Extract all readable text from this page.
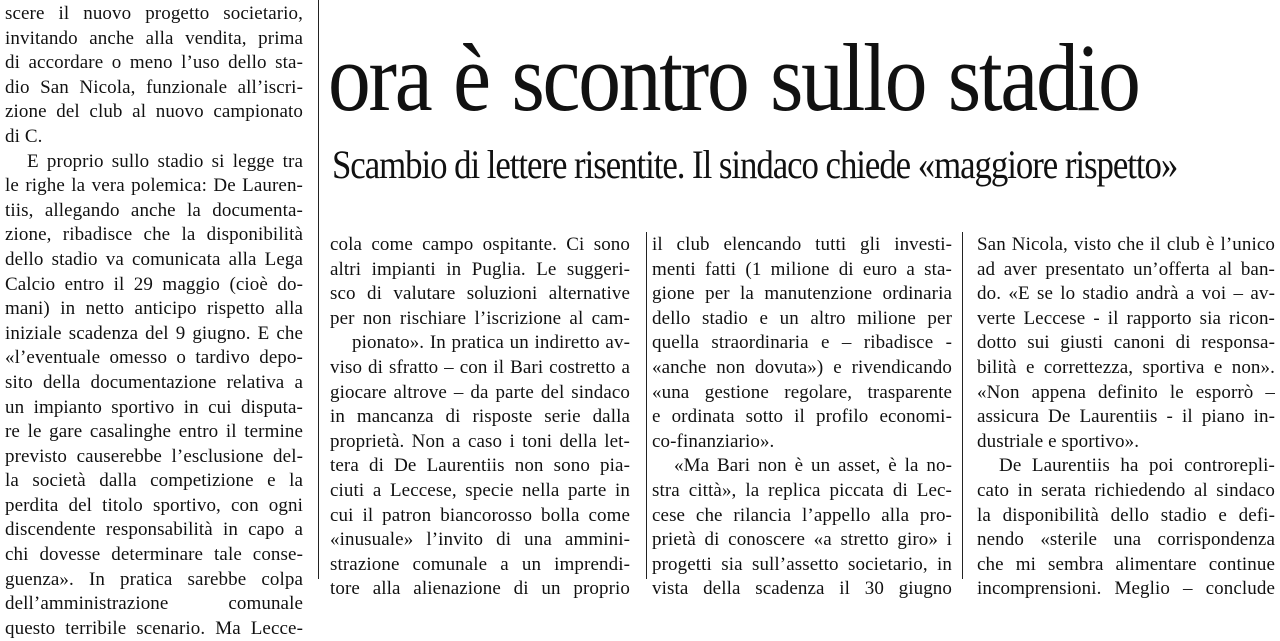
ora è scontro sullo stadio
Scambio di lettere risentite. Il sindaco chiede «maggiore rispetto»
scere il nuovo progetto societario,
invitando anche alla vendita, prima
di accordare o meno l’uso dello sta-
dio San Nicola, funzionale all’iscri-
zione del club al nuovo campionato
di C.
E proprio sullo stadio si legge tra
le righe la vera polemica: De Lauren-
tiis, allegando anche la documenta-
zione, ribadisce che la disponibilità
dello stadio va comunicata alla Lega
Calcio entro il 29 maggio (cioè do-
mani) in netto anticipo rispetto alla
iniziale scadenza del 9 giugno. E che
«l’eventuale omesso o tardivo depo-
sito della documentazione relativa a
un impianto sportivo in cui disputa-
re le gare casalinghe entro il termine
previsto causerebbe l’esclusione del-
la società dalla competizione e la
perdita del titolo sportivo, con ogni
discendente responsabilità in capo a
chi dovesse determinare tale conse-
guenza». In pratica sarebbe colpa
dell’amministrazione comunale
questo terribile scenario. Ma Lecce-
cola come campo ospitante. Ci sono
altri impianti in Puglia. Le suggeri-
sco di valutare soluzioni alternative
per non rischiare l’iscrizione al cam-
pionato». In pratica un indiretto av-
viso di sfratto – con il Bari costretto a
giocare altrove – da parte del sindaco
in mancanza di risposte serie dalla
proprietà. Non a caso i toni della let-
tera di De Laurentiis non sono pia-
ciuti a Leccese, specie nella parte in
cui il patron biancorosso bolla come
«inusuale» l’invito di una ammini-
strazione comunale a un imprendi-
tore alla alienazione di un proprio
il club elencando tutti gli investi-
menti fatti (1 milione di euro a sta-
gione per la manutenzione ordinaria
dello stadio e un altro milione per
quella straordinaria e – ribadisce -
«anche non dovuta») e rivendicando
«una gestione regolare, trasparente
e ordinata sotto il profilo economi-
co-finanziario».
«Ma Bari non è un asset, è la no-
stra città», la replica piccata di Lec-
cese che rilancia l’appello alla pro-
prietà di conoscere «a stretto giro» i
progetti sia sull’assetto societario, in
vista della scadenza il 30 giugno
San Nicola, visto che il club è l’unico
ad aver presentato un’offerta al ban-
do. «E se lo stadio andrà a voi – av-
verte Leccese - il rapporto sia ricon-
dotto sui giusti canoni di responsa-
bilità e correttezza, sportiva e non».
«Non appena definito le esporrò –
assicura De Laurentiis - il piano in-
dustriale e sportivo».
De Laurentiis ha poi controrepli-
cato in serata richiedendo al sindaco
la disponibilità dello stadio e defi-
nendo «sterile una corrispondenza
che mi sembra alimentare continue
incomprensioni. Meglio – conclude
